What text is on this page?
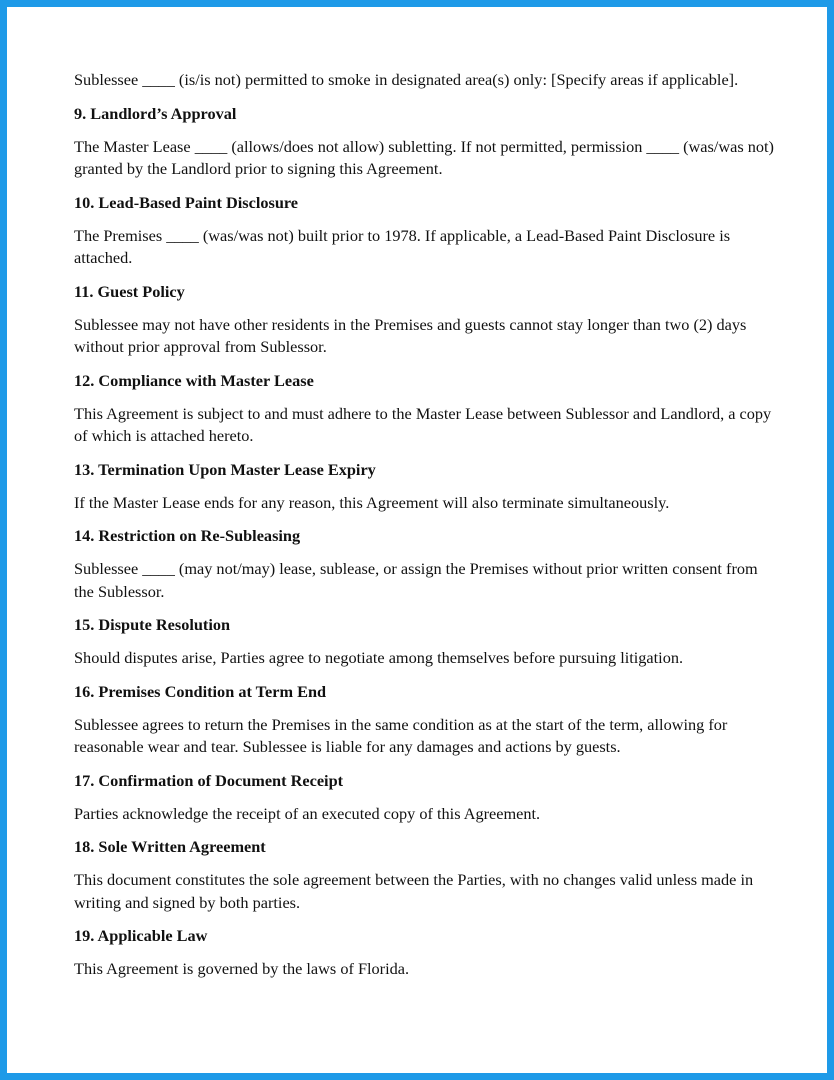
Sublessee ____ (is/is not) permitted to smoke in designated area(s) only: [Specify areas if applicable].

9. Landlord’s Approval

The Master Lease ____ (allows/does not allow) subletting. If not permitted, permission ____ (was/was not) granted by the Landlord prior to signing this Agreement.

10. Lead-Based Paint Disclosure

The Premises ____ (was/was not) built prior to 1978. If applicable, a Lead-Based Paint Disclosure is attached.

11. Guest Policy

Sublessee may not have other residents in the Premises and guests cannot stay longer than two (2) days without prior approval from Sublessor.

12. Compliance with Master Lease

This Agreement is subject to and must adhere to the Master Lease between Sublessor and Landlord, a copy of which is attached hereto.

13. Termination Upon Master Lease Expiry

If the Master Lease ends for any reason, this Agreement will also terminate simultaneously.

14. Restriction on Re-Subleasing

Sublessee ____ (may not/may) lease, sublease, or assign the Premises without prior written consent from the Sublessor.

15. Dispute Resolution

Should disputes arise, Parties agree to negotiate among themselves before pursuing litigation.

16. Premises Condition at Term End

Sublessee agrees to return the Premises in the same condition as at the start of the term, allowing for reasonable wear and tear. Sublessee is liable for any damages and actions by guests.

17. Confirmation of Document Receipt

Parties acknowledge the receipt of an executed copy of this Agreement.

18. Sole Written Agreement

This document constitutes the sole agreement between the Parties, with no changes valid unless made in writing and signed by both parties.

19. Applicable Law

This Agreement is governed by the laws of Florida.
